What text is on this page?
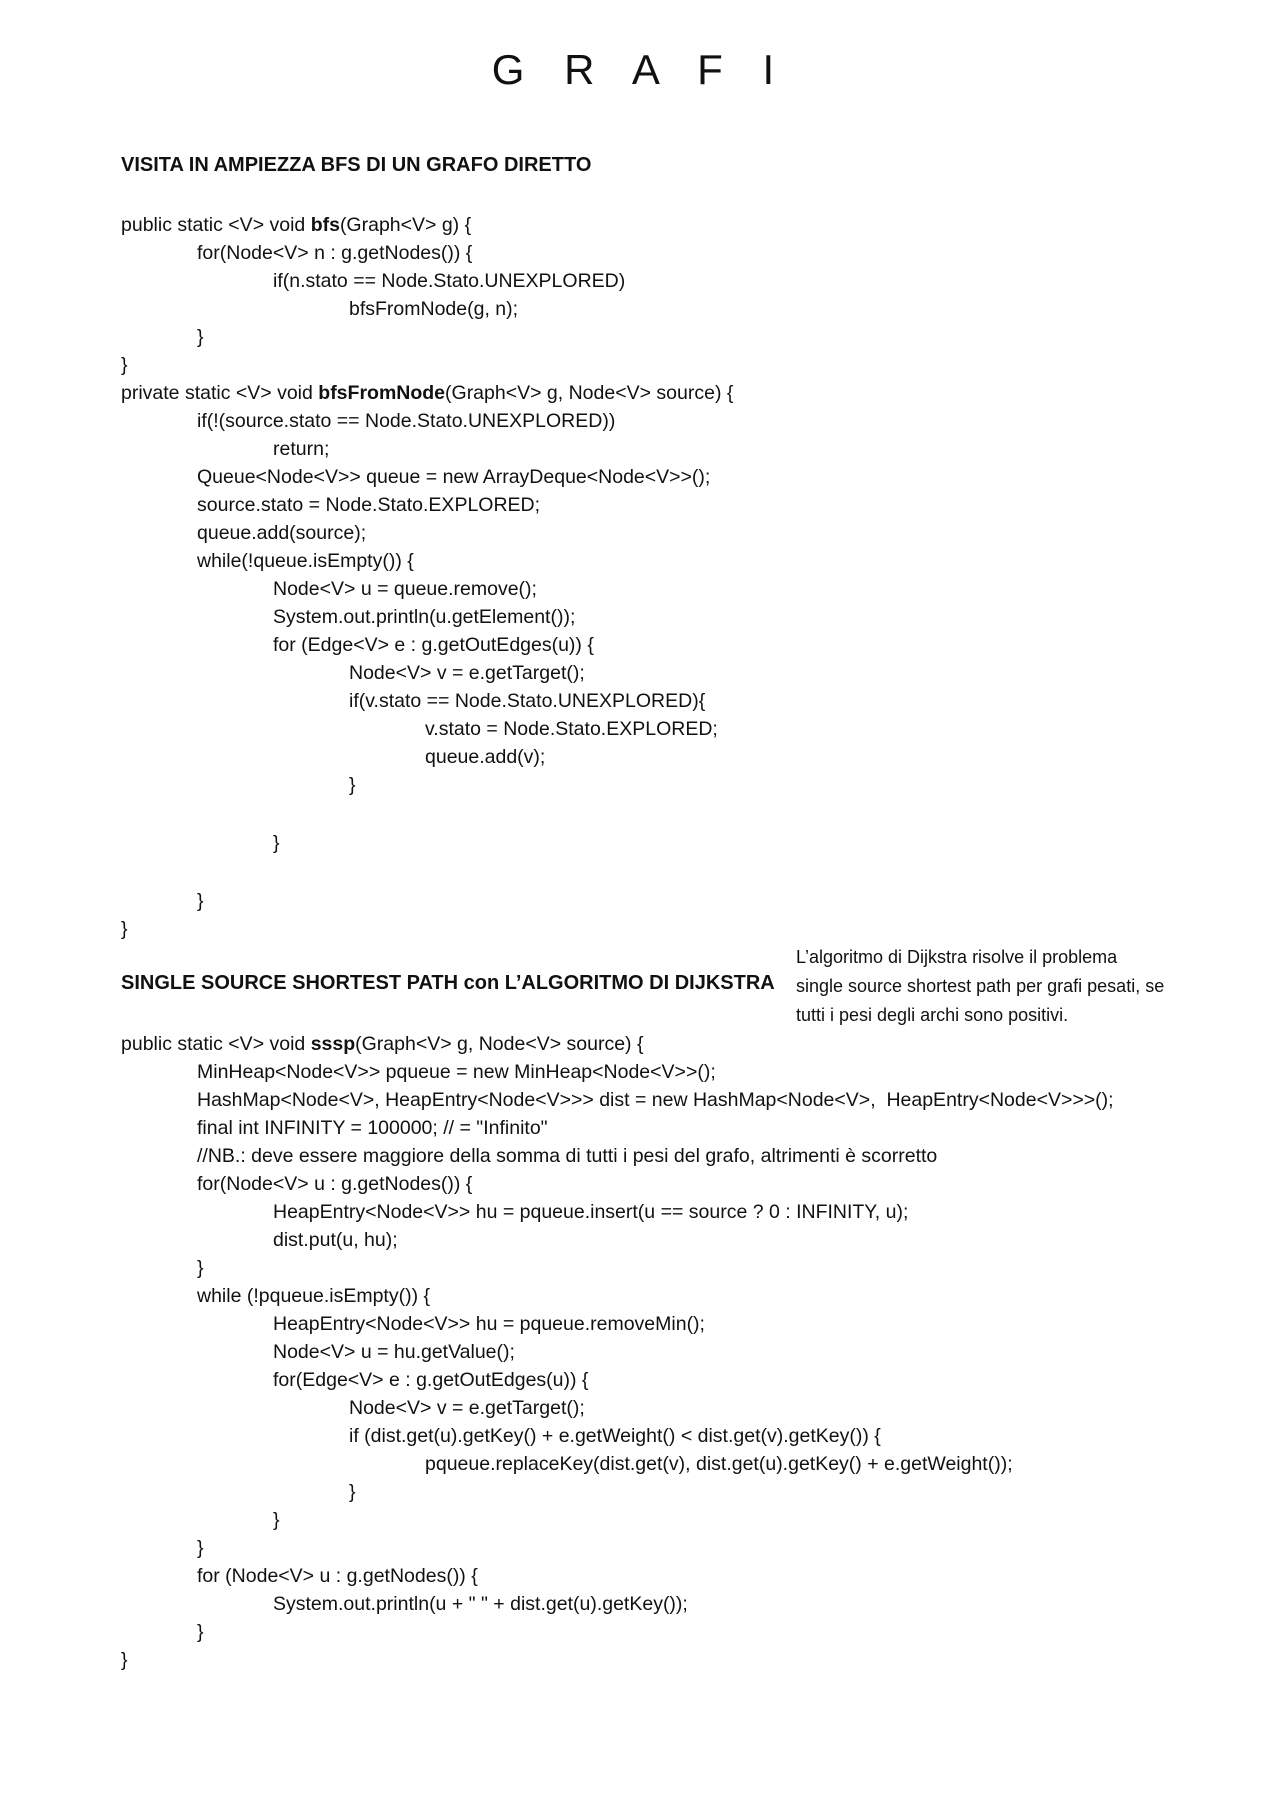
G R A F I
VISITA IN AMPIEZZA BFS DI UN GRAFO DIRETTO
public static <V> void bfs(Graph<V> g) {
for(Node<V> n : g.getNodes()) {
if(n.stato == Node.Stato.UNEXPLORED)
bfsFromNode(g, n);
}
}
private static <V> void bfsFromNode(Graph<V> g, Node<V> source) {
if(!(source.stato == Node.Stato.UNEXPLORED))
return;
Queue<Node<V>> queue = new ArrayDeque<Node<V>>();
source.stato = Node.Stato.EXPLORED;
queue.add(source);
while(!queue.isEmpty()) {
Node<V> u = queue.remove();
System.out.println(u.getElement());
for (Edge<V> e : g.getOutEdges(u)) {
Node<V> v = e.getTarget();
if(v.stato == Node.Stato.UNEXPLORED){
v.stato = Node.Stato.EXPLORED;
queue.add(v);
}
}
}
}
SINGLE SOURCE SHORTEST PATH con L’ALGORITMO DI DIJKSTRA
L’algoritmo di Dijkstra risolve il problema
single source shortest path per grafi pesati, se
tutti i pesi degli archi sono positivi.
public static <V> void sssp(Graph<V> g, Node<V> source) {
MinHeap<Node<V>> pqueue = new MinHeap<Node<V>>();
HashMap<Node<V>, HeapEntry<Node<V>>> dist = new HashMap<Node<V>,  HeapEntry<Node<V>>>();
final int INFINITY = 100000; // = "Infinito"
//NB.: deve essere maggiore della somma di tutti i pesi del grafo, altrimenti è scorretto
for(Node<V> u : g.getNodes()) {
HeapEntry<Node<V>> hu = pqueue.insert(u == source ? 0 : INFINITY, u);
dist.put(u, hu);
}
while (!pqueue.isEmpty()) {
HeapEntry<Node<V>> hu = pqueue.removeMin();
Node<V> u = hu.getValue();
for(Edge<V> e : g.getOutEdges(u)) {
Node<V> v = e.getTarget();
if (dist.get(u).getKey() + e.getWeight() < dist.get(v).getKey()) {
pqueue.replaceKey(dist.get(v), dist.get(u).getKey() + e.getWeight());
}
}
}
for (Node<V> u : g.getNodes()) {
System.out.println(u + " " + dist.get(u).getKey());
}
}
